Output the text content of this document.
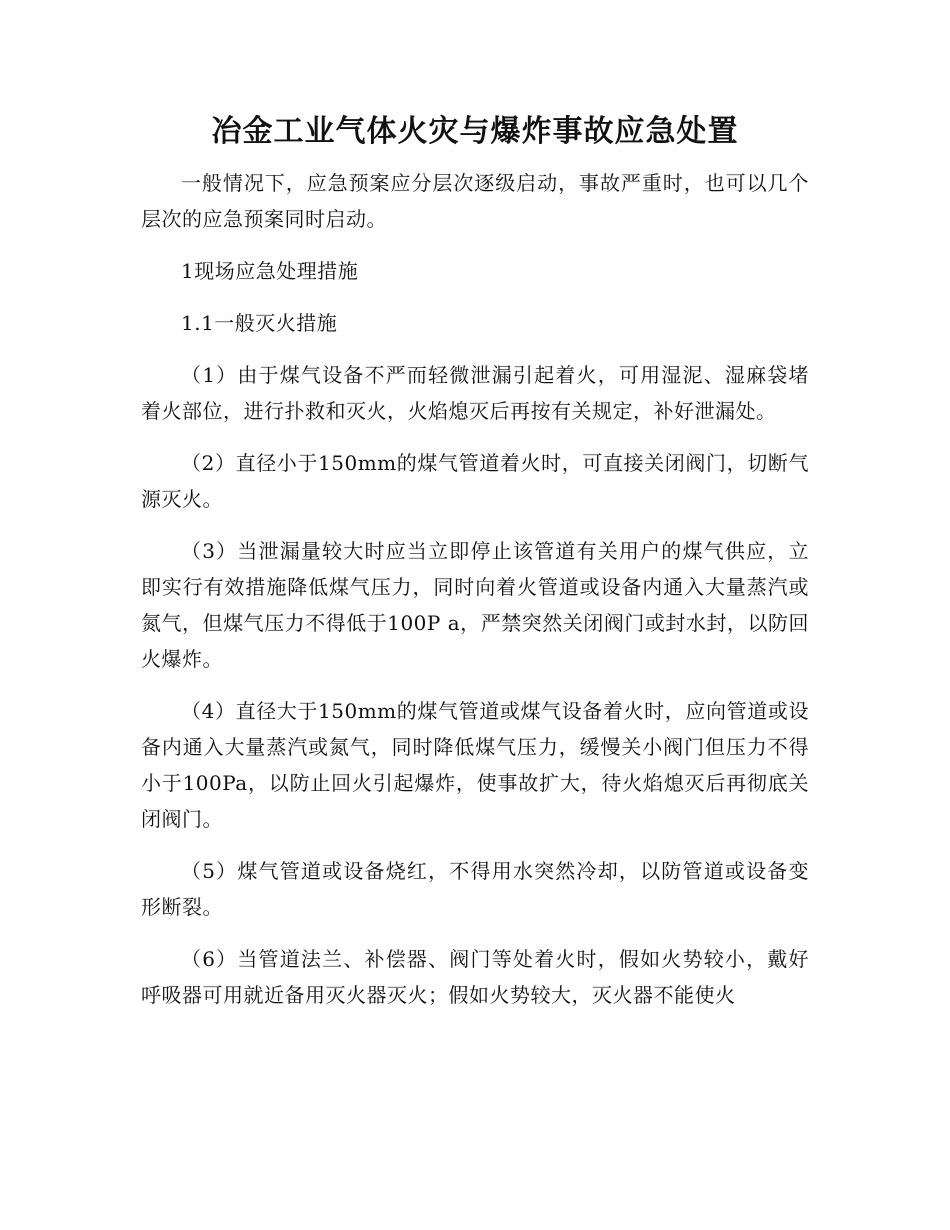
冶金工业气体火灾与爆炸事故应急处置

一般情况下，应急预案应分层次逐级启动，事故严重时，也可以几个层次的应急预案同时启动。

1现场应急处理措施

1.1一般灭火措施

（1）由于煤气设备不严而轻微泄漏引起着火，可用湿泥、湿麻袋堵着火部位，进行扑救和灭火，火焰熄灭后再按有关规定，补好泄漏处。

（2）直径小于150mm的煤气管道着火时，可直接关闭阀门，切断气源灭火。

（3）当泄漏量较大时应当立即停止该管道有关用户的煤气供应，立即实行有效措施降低煤气压力，同时向着火管道或设备内通入大量蒸汽或氮气，但煤气压力不得低于100P a，严禁突然关闭阀门或封水封，以防回火爆炸。

（4）直径大于150mm的煤气管道或煤气设备着火时，应向管道或设备内通入大量蒸汽或氮气，同时降低煤气压力，缓慢关小阀门但压力不得小于100Pa，以防止回火引起爆炸，使事故扩大，待火焰熄灭后再彻底关闭阀门。

（5）煤气管道或设备烧红，不得用水突然冷却，以防管道或设备变形断裂。

（6）当管道法兰、补偿器、阀门等处着火时，假如火势较小，戴好呼吸器可用就近备用灭火器灭火；假如火势较大，灭火器不能使火
